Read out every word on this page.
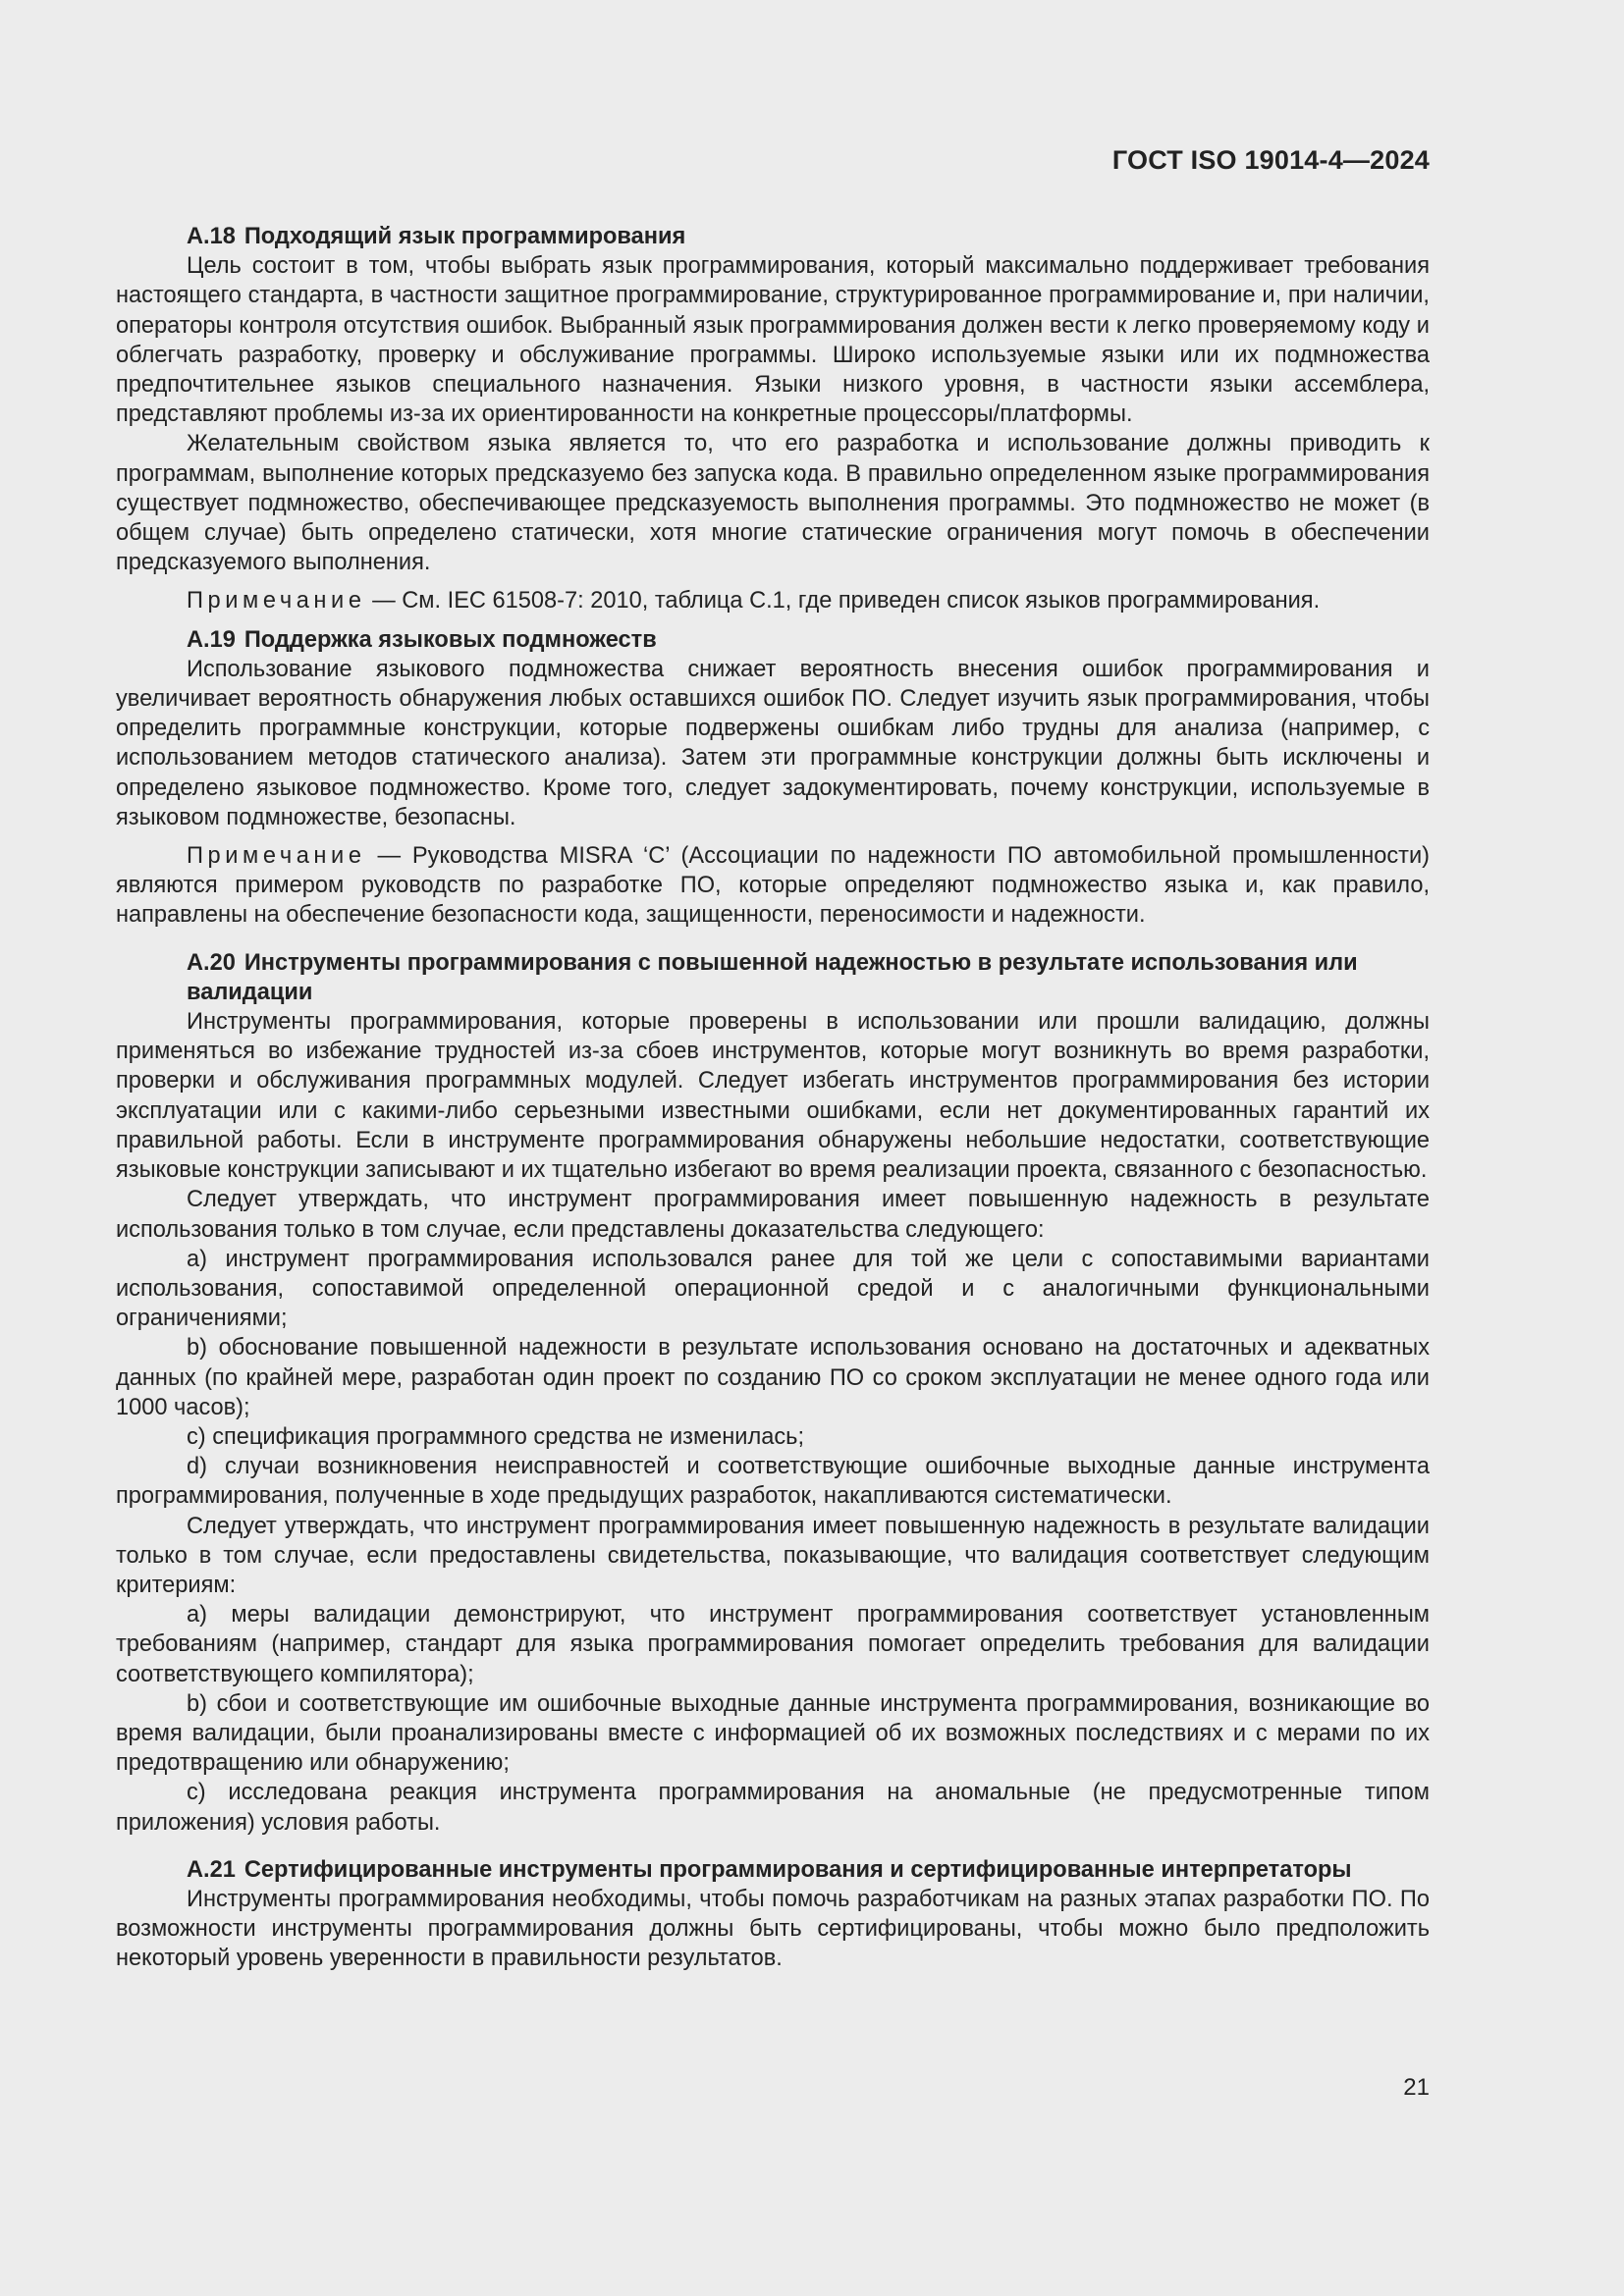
ГОСТ ISO 19014-4—2024
А.18 Подходящий язык программирования

Цель состоит в том, чтобы выбрать язык программирования, который максимально поддерживает требования настоящего стандарта, в частности защитное программирование, структурированное программирование и, при наличии, операторы контроля отсутствия ошибок. Выбранный язык программирования должен вести к легко проверяемому коду и облегчать разработку, проверку и обслуживание программы. Широко используемые языки или их подмножества предпочтительнее языков специального назначения. Языки низкого уровня, в частности языки ассемблера, представляют проблемы из-за их ориентированности на конкретные процессоры/платформы.

Желательным свойством языка является то, что его разработка и использование должны приводить к программам, выполнение которых предсказуемо без запуска кода. В правильно определенном языке программирования существует подмножество, обеспечивающее предсказуемость выполнения программы. Это подмножество не может (в общем случае) быть определено статически, хотя многие статические ограничения могут помочь в обеспечении предсказуемого выполнения.

Примечание — См. IEC 61508-7: 2010, таблица C.1, где приведен список языков программирования.

А.19 Поддержка языковых подмножеств

Использование языкового подмножества снижает вероятность внесения ошибок программирования и увеличивает вероятность обнаружения любых оставшихся ошибок ПО. Следует изучить язык программирования, чтобы определить программные конструкции, которые подвержены ошибкам либо трудны для анализа (например, с использованием методов статического анализа). Затем эти программные конструкции должны быть исключены и определено языковое подмножество. Кроме того, следует задокументировать, почему конструкции, используемые в языковом подмножестве, безопасны.

Примечание — Руководства MISRA ‘C’ (Ассоциации по надежности ПО автомобильной промышленности) являются примером руководств по разработке ПО, которые определяют подмножество языка и, как правило, направлены на обеспечение безопасности кода, защищенности, переносимости и надежности.

А.20 Инструменты программирования с повышенной надежностью в результате использования или валидации

Инструменты программирования, которые проверены в использовании или прошли валидацию, должны применяться во избежание трудностей из-за сбоев инструментов, которые могут возникнуть во время разработки, проверки и обслуживания программных модулей. Следует избегать инструментов программирования без истории эксплуатации или с какими-либо серьезными известными ошибками, если нет документированных гарантий их правильной работы. Если в инструменте программирования обнаружены небольшие недостатки, соответствующие языковые конструкции записывают и их тщательно избегают во время реализации проекта, связанного с безопасностью.

Следует утверждать, что инструмент программирования имеет повышенную надежность в результате использования только в том случае, если представлены доказательства следующего:

a) инструмент программирования использовался ранее для той же цели с сопоставимыми вариантами использования, сопоставимой определенной операционной средой и с аналогичными функциональными ограничениями;

b) обоснование повышенной надежности в результате использования основано на достаточных и адекватных данных (по крайней мере, разработан один проект по созданию ПО со сроком эксплуатации не менее одного года или 1000 часов);

c) спецификация программного средства не изменилась;

d) случаи возникновения неисправностей и соответствующие ошибочные выходные данные инструмента программирования, полученные в ходе предыдущих разработок, накапливаются систематически.

Следует утверждать, что инструмент программирования имеет повышенную надежность в результате валидации только в том случае, если предоставлены свидетельства, показывающие, что валидация соответствует следующим критериям:

a) меры валидации демонстрируют, что инструмент программирования соответствует установленным требованиям (например, стандарт для языка программирования помогает определить требования для валидации соответствующего компилятора);

b) сбои и соответствующие им ошибочные выходные данные инструмента программирования, возникающие во время валидации, были проанализированы вместе с информацией об их возможных последствиях и с мерами по их предотвращению или обнаружению;

c) исследована реакция инструмента программирования на аномальные (не предусмотренные типом приложения) условия работы.

А.21 Сертифицированные инструменты программирования и сертифицированные интерпретаторы

Инструменты программирования необходимы, чтобы помочь разработчикам на разных этапах разработки ПО. По возможности инструменты программирования должны быть сертифицированы, чтобы можно было предположить некоторый уровень уверенности в правильности результатов.

21
